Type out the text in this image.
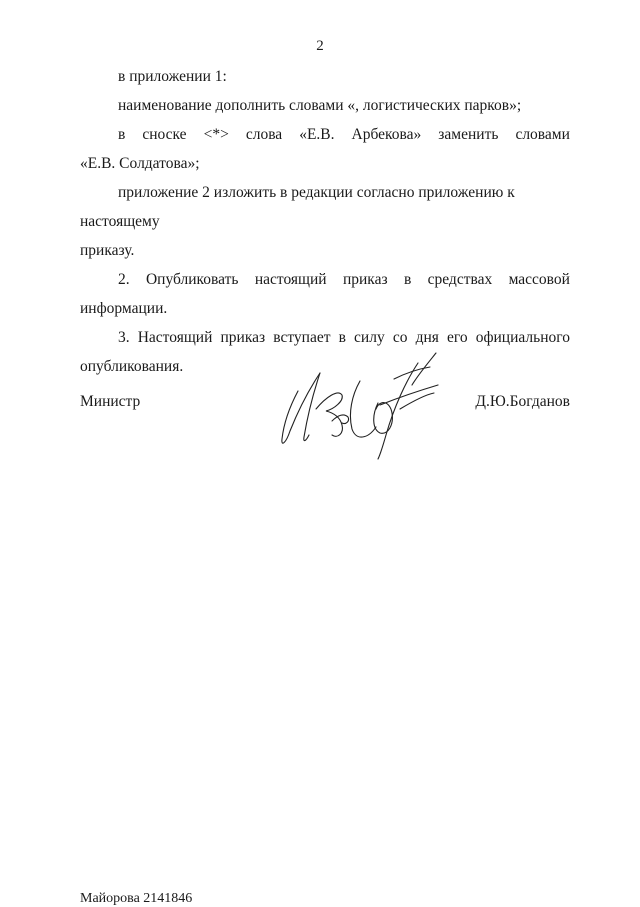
2

в приложении 1:

наименование дополнить словами «, логистических парков»;

в сноске <*> слова «Е.В. Арбекова» заменить словами

«Е.В. Солдатова»;

приложение 2 изложить в редакции согласно приложению к настоящему

приказу.

2. Опубликовать настоящий приказ в средствах массовой

информации.

3. Настоящий приказ вступает в силу со дня его официального

опубликования.

Министр	Д.Ю.Богданов
Майорова 2141846
